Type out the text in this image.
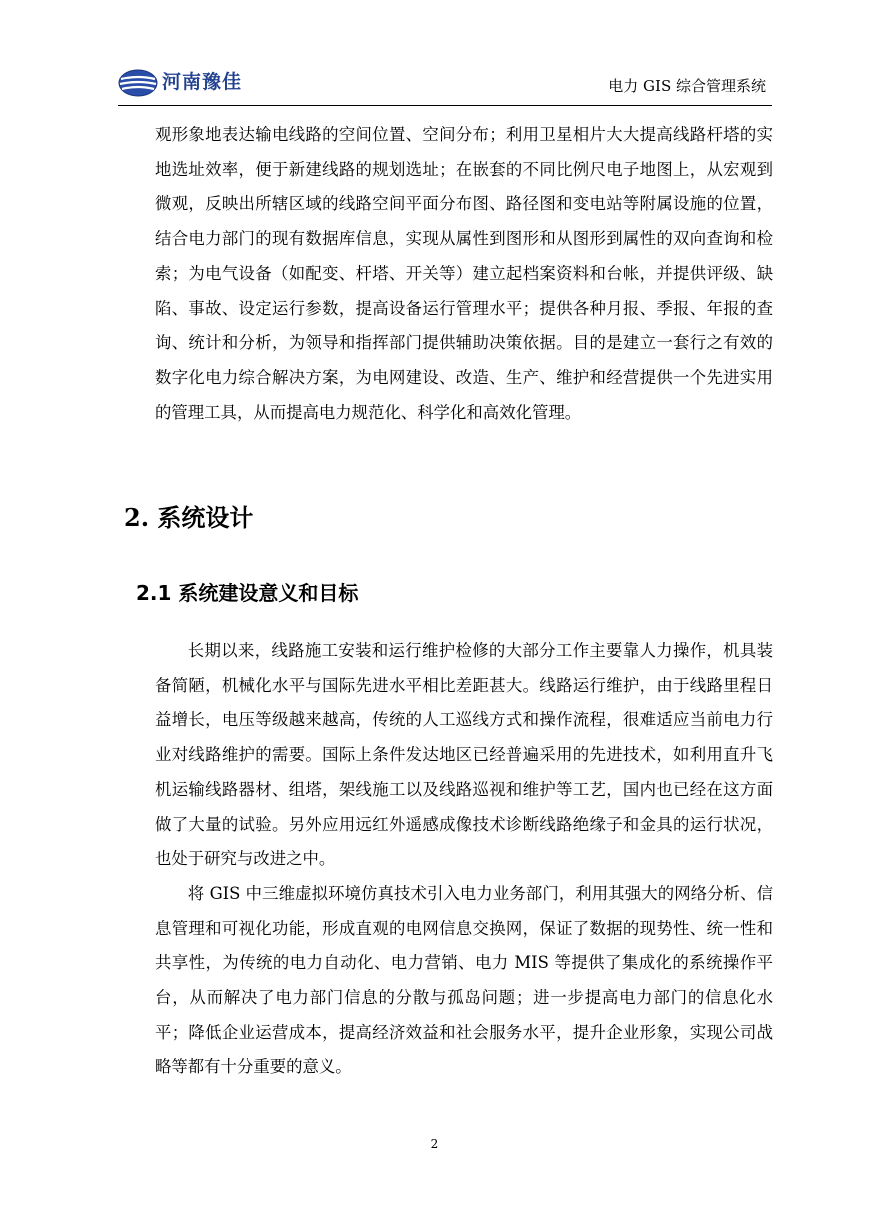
河南豫佳	电力 GIS 综合管理系统

观形象地表达输电线路的空间位置、空间分布；利用卫星相片大大提高线路杆塔的实地选址效率，便于新建线路的规划选址；在嵌套的不同比例尺电子地图上，从宏观到微观，反映出所辖区域的线路空间平面分布图、路径图和变电站等附属设施的位置，结合电力部门的现有数据库信息，实现从属性到图形和从图形到属性的双向查询和检索；为电气设备（如配变、杆塔、开关等）建立起档案资料和台帐，并提供评级、缺陷、事故、设定运行参数，提高设备运行管理水平；提供各种月报、季报、年报的查询、统计和分析，为领导和指挥部门提供辅助决策依据。目的是建立一套行之有效的数字化电力综合解决方案，为电网建设、改造、生产、维护和经营提供一个先进实用的管理工具，从而提高电力规范化、科学化和高效化管理。

2. 系统设计
2.1 系统建设意义和目标

长期以来，线路施工安装和运行维护检修的大部分工作主要靠人力操作，机具装备简陋，机械化水平与国际先进水平相比差距甚大。线路运行维护，由于线路里程日益增长，电压等级越来越高，传统的人工巡线方式和操作流程，很难适应当前电力行业对线路维护的需要。国际上条件发达地区已经普遍采用的先进技术，如利用直升飞机运输线路器材、组塔，架线施工以及线路巡视和维护等工艺，国内也已经在这方面做了大量的试验。另外应用远红外遥感成像技术诊断线路绝缘子和金具的运行状况，也处于研究与改进之中。

将 GIS 中三维虚拟环境仿真技术引入电力业务部门，利用其强大的网络分析、信息管理和可视化功能，形成直观的电网信息交换网，保证了数据的现势性、统一性和共享性，为传统的电力自动化、电力营销、电力 MIS 等提供了集成化的系统操作平台，从而解决了电力部门信息的分散与孤岛问题；进一步提高电力部门的信息化水平；降低企业运营成本，提高经济效益和社会服务水平，提升企业形象，实现公司战略等都有十分重要的意义。

2
